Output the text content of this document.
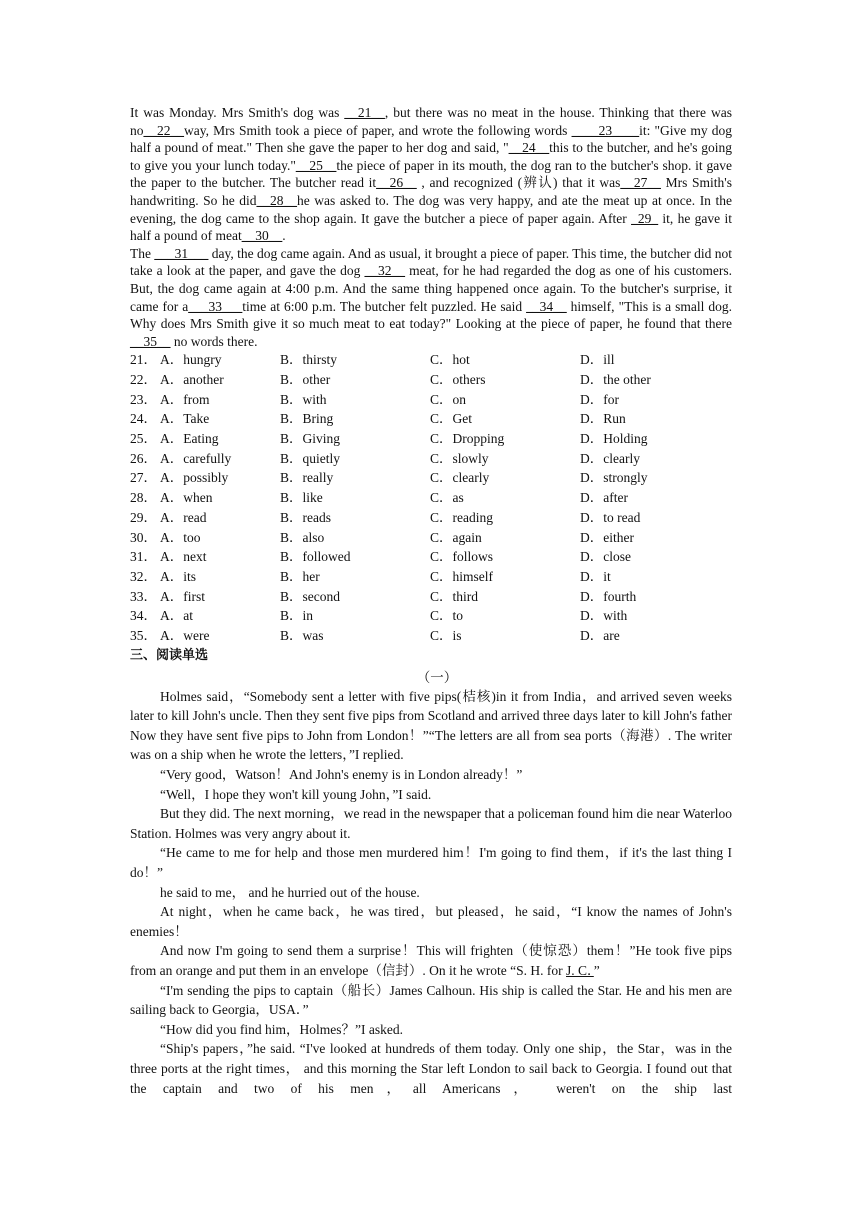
It was Monday. Mrs Smith's dog was __21__, but there was no meat in the house. Thinking that there was no__22__way, Mrs Smith took a piece of paper, and wrote the following words ____23____it: "Give my dog half a pound of meat." Then she gave the paper to her dog and said, "__24__this to the butcher, and he's going to give you your lunch today."__25__the piece of paper in its mouth, the dog ran to the butcher's shop. it gave the paper to the butcher. The butcher read it__26__ , and recognized (辨认) that it was__27__ Mrs Smith's handwriting. So he did__28__he was asked to. The dog was very happy, and ate the meat up at once. In the evening, the dog came to the shop again. It gave the butcher a piece of paper again. After _29_ it, he gave it half a pound of meat__30__.

The ___31___ day, the dog came again. And as usual, it brought a piece of paper. This time, the butcher did not take a look at the paper, and gave the dog __32__ meat, for he had regarded the dog as one of his customers. But, the dog came again at 4:00 p.m. And the same thing happened once again. To the butcher's surprise, it came for a___33___time at 6:00 p.m. The butcher felt puzzled. He said __34__ himself, "This is a small dog. Why does Mrs Smith give it so much meat to eat today?" Looking at the piece of paper, he found that there __35__ no words there.

21． A．hungry	B．thirsty	C．hot	D．ill
22． A．another	B．other	C．others	D．the other
23． A．from	B．with	C．on	D．for
24． A．Take	B．Bring	C．Get	D．Run
25． A．Eating	B．Giving	C．Dropping	D．Holding
26． A．carefully	B．quietly	C．slowly	D．clearly
27． A．possibly	B．really	C．clearly	D．strongly
28． A．when	B．like	C．as	D．after
29． A．read	B．reads	C．reading	D．to read
30． A．too	B．also	C．again	D．either
31． A．next	B．followed	C．follows	D．close
32． A．its	B．her	C．himself	D．it
33． A．first	B．second	C．third	D．fourth
34． A．at	B．in	C．to	D．with
35． A．were	B．was	C．is	D．are

三、阅读单选

（一）

Holmes said，“Somebody sent a letter with five pips(桔核)in it from India，and arrived seven weeks later to kill John's uncle. Then they sent five pips from Scotland and arrived three days later to kill John's father Now they have sent five pips to John from London！”“The letters are all from sea ports（海港）. The writer was on a ship when he wrote the letters，”I replied.

“Very good，Watson！And John's enemy is in London already！”

“Well，I hope they won't kill young John，”I said.

But they did. The next morning，we read in the newspaper that a policeman found him die near Waterloo Station. Holmes was very angry about it.

“He came to me for help and those men murdered him！I'm going to find them，if it's the last thing I do！”

he said to me， and he hurried out of the house.

At night，when he came back，he was tired，but pleased，he said，“I know the names of John's enemies！

And now I'm going to send them a surprise！This will frighten（使惊恐）them！”He took five pips from an orange and put them in an envelope（信封）. On it he wrote “S. H. for J. C．”

“I'm sending the pips to captain（船长）James Calhoun. His ship is called the Star. He and his men are sailing back to Georgia，USA．”

“How did you find him，Holmes？”I asked.

“Ship's papers，”he said. “I've looked at hundreds of them today. Only one ship，the Star，was in the three ports at the right times， and this morning the Star left London to sail back to Georgia. I found out that the captain and two of his men，all Americans， weren't on the ship last
